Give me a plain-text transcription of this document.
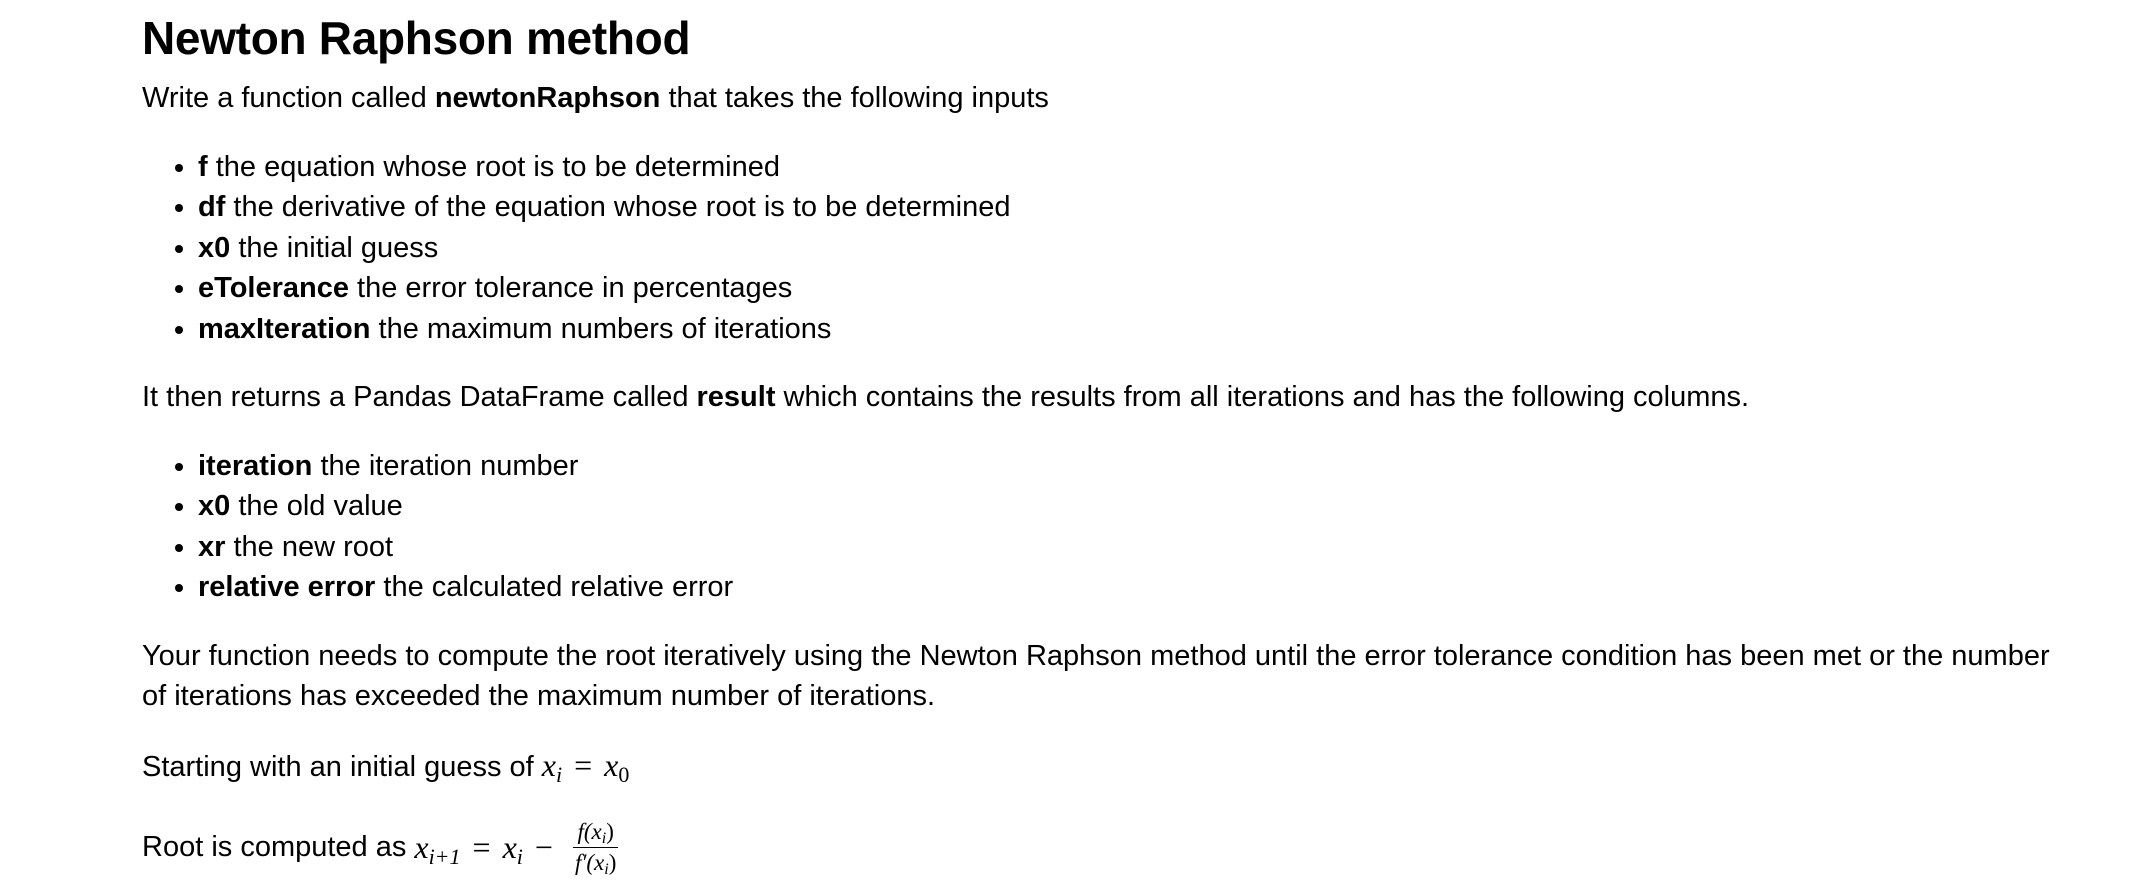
Newton Raphson method

Write a function called newtonRaphson that takes the following inputs

• f the equation whose root is to be determined
• df the derivative of the equation whose root is to be determined
• x0 the initial guess
• eTolerance the error tolerance in percentages
• maxIteration the maximum numbers of iterations

It then returns a Pandas DataFrame called result which contains the results from all iterations and has the following columns.

• iteration the iteration number
• x0 the old value
• xr the new root
• relative error the calculated relative error

Your function needs to compute the root iteratively using the Newton Raphson method until the error tolerance condition has been met or the number of iterations has exceeded the maximum number of iterations.

Starting with an initial guess of $x_i = x_0$

Root is computed as $x_{i+1} = x_i - \frac{f(x_i)}{f'(x_i)}$
